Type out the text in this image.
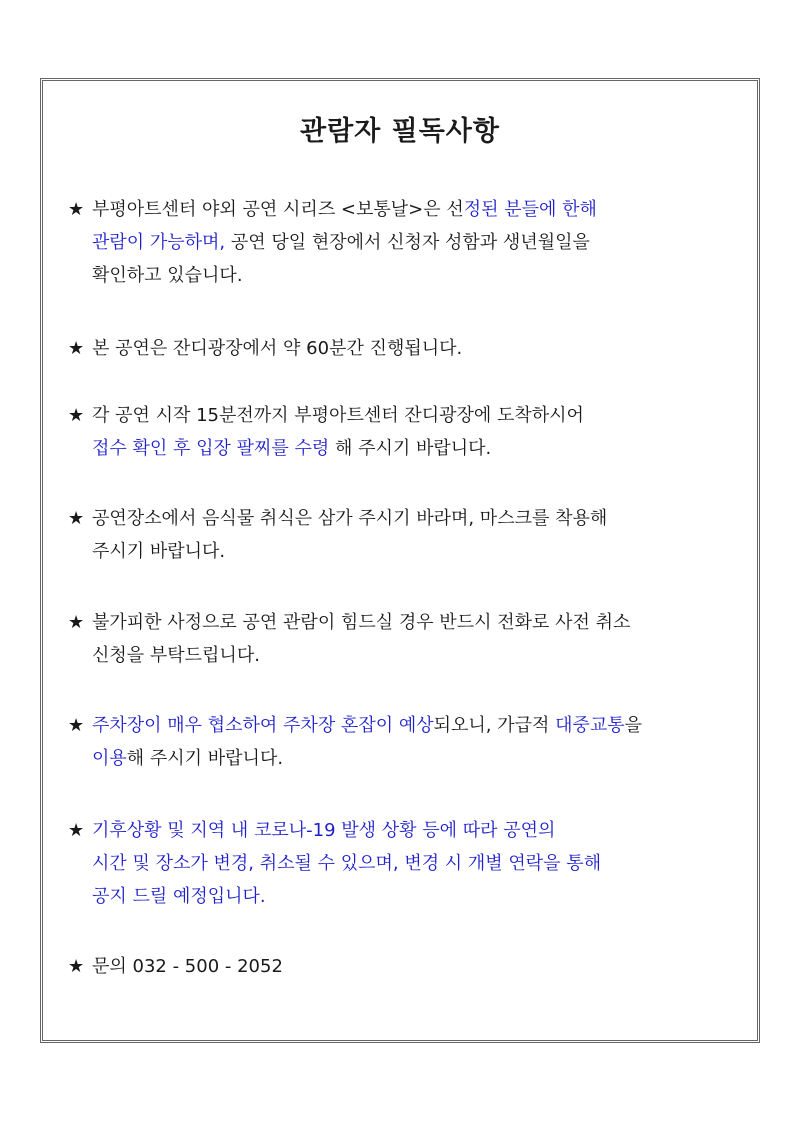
관람자 필독사항
★ 부평아트센터 야외 공연 시리즈 <보통날>은 선정된 분들에 한해
관람이 가능하며, 공연 당일 현장에서 신청자 성함과 생년월일을
확인하고 있습니다.
★ 본 공연은 잔디광장에서 약 60분간 진행됩니다.
★ 각 공연 시작 15분전까지 부평아트센터 잔디광장에 도착하시어
접수 확인 후 입장 팔찌를 수령 해 주시기 바랍니다.
★ 공연장소에서 음식물 취식은 삼가 주시기 바라며, 마스크를 착용해
주시기 바랍니다.
★ 불가피한 사정으로 공연 관람이 힘드실 경우 반드시 전화로 사전 취소
신청을 부탁드립니다.
★ 주차장이 매우 협소하여 주차장 혼잡이 예상되오니, 가급적 대중교통을
이용해 주시기 바랍니다.
★ 기후상황 및 지역 내 코로나-19 발생 상황 등에 따라 공연의
시간 및 장소가 변경, 취소될 수 있으며, 변경 시 개별 연락을 통해
공지 드릴 예정입니다.
★ 문의 032 - 500 - 2052
